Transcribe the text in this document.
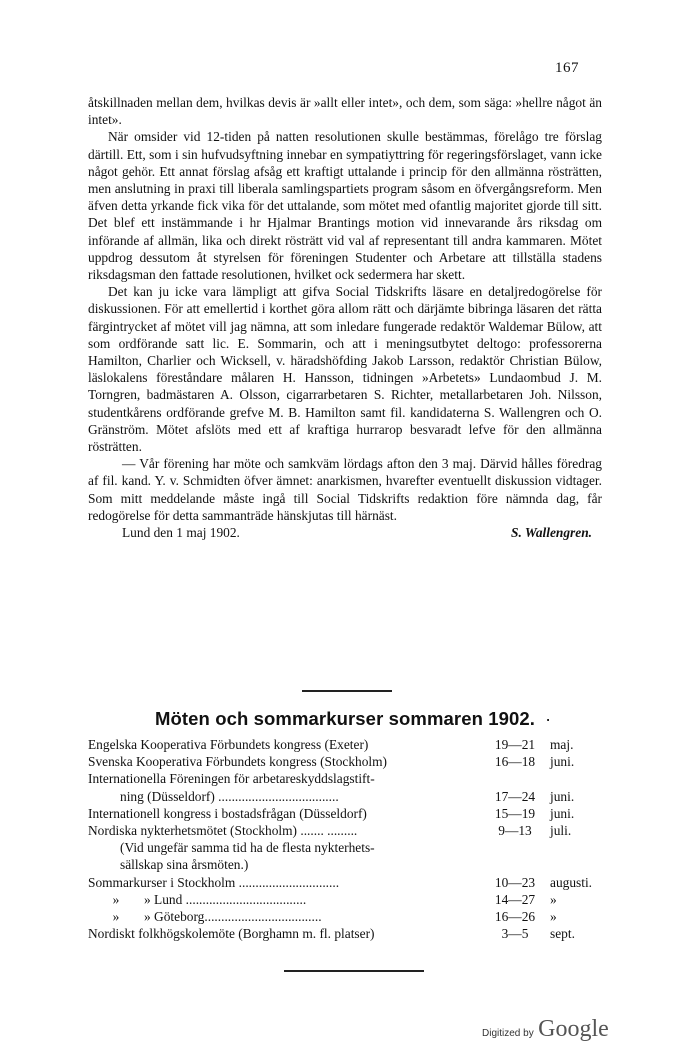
167

åtskillnaden mellan dem, hvilkas devis är »allt eller intet», och dem, som säga: »hellre något än intet».

När omsider vid 12-tiden på natten resolutionen skulle bestämmas, förelågo tre förslag därtill. Ett, som i sin hufvudsyftning innebar en sympatiyttring för regeringsförslaget, vann icke något gehör. Ett annat förslag afsåg ett kraftigt uttalande i princip för den allmänna rösträtten, men anslutning in praxi till liberala samlingspartiets program såsom en öfvergångsreform. Men äfven detta yrkande fick vika för det uttalande, som mötet med ofantlig majoritet gjorde till sitt. Det blef ett instämmande i hr Hjalmar Brantings motion vid innevarande års riksdag om införande af allmän, lika och direkt rösträtt vid val af representant till andra kammaren. Mötet uppdrog dessutom åt styrelsen för föreningen Studenter och Arbetare att tillställa stadens riksdagsman den fattade resolutionen, hvilket ock sedermera har skett.

Det kan ju icke vara lämpligt att gifva Social Tidskrifts läsare en detaljredogörelse för diskussionen. För att emellertid i korthet göra allom rätt och därjämte bibringa läsaren det rätta färgintrycket af mötet vill jag nämna, att som inledare fungerade redaktör Waldemar Bülow, att som ordförande satt lic. E. Sommarin, och att i meningsutbytet deltogo: professorerna Hamilton, Charlier och Wicksell, v. häradshöfding Jakob Larsson, redaktör Christian Bülow, läslokalens föreståndare målaren H. Hansson, tidningen »Arbetets» Lundaombud J. M. Torngren, badmästaren A. Olsson, cigarrarbetaren S. Richter, metallarbetaren Joh. Nilsson, studentkårens ordförande grefve M. B. Hamilton samt fil. kandidaterna S. Wallengren och O. Gränström. Mötet afslöts med ett af kraftiga hurrarop besvaradt lefve för den allmänna rösträtten.

— Vår förening har möte och samkväm lördags afton den 3 maj. Därvid hålles föredrag af fil. kand. Y. v. Schmidten öfver ämnet: anarkismen, hvarefter eventuellt diskussion vidtager. Som mitt meddelande måste ingå till Social Tidskrifts redaktion före nämnda dag, får redogörelse för detta sammanträde hänskjutas till härnäst.

Lund den 1 maj 1902.	S. Wallengren.
Möten och sommarkurser sommaren 1902. ·
Engelska Kooperativa Förbundets kongress (Exeter)	19—21	maj.
Svenska Kooperativa Förbundets kongress (Stockholm)	16—18	juni.
Internationella Föreningen för arbetareskyddslagstift-
ning (Düsseldorf) ....................................	17—24	juni.
Internationell kongress i bostadsfrågan (Düsseldorf)	15—19	juni.
Nordiska nykterhetsmötet (Stockholm) ....... .........	9—13	juli.
(Vid ungefär samma tid ha de flesta nykterhets-
sällskap sina årsmöten.)
Sommarkurser i Stockholm ..............................	10—23	augusti.
» » Lund ....................................	14—27	»
» » Göteborg...................................	16—26	»
Nordiskt folkhögskolemöte (Borghamn m. fl. platser)	3—5	sept.
Digitized by Google
